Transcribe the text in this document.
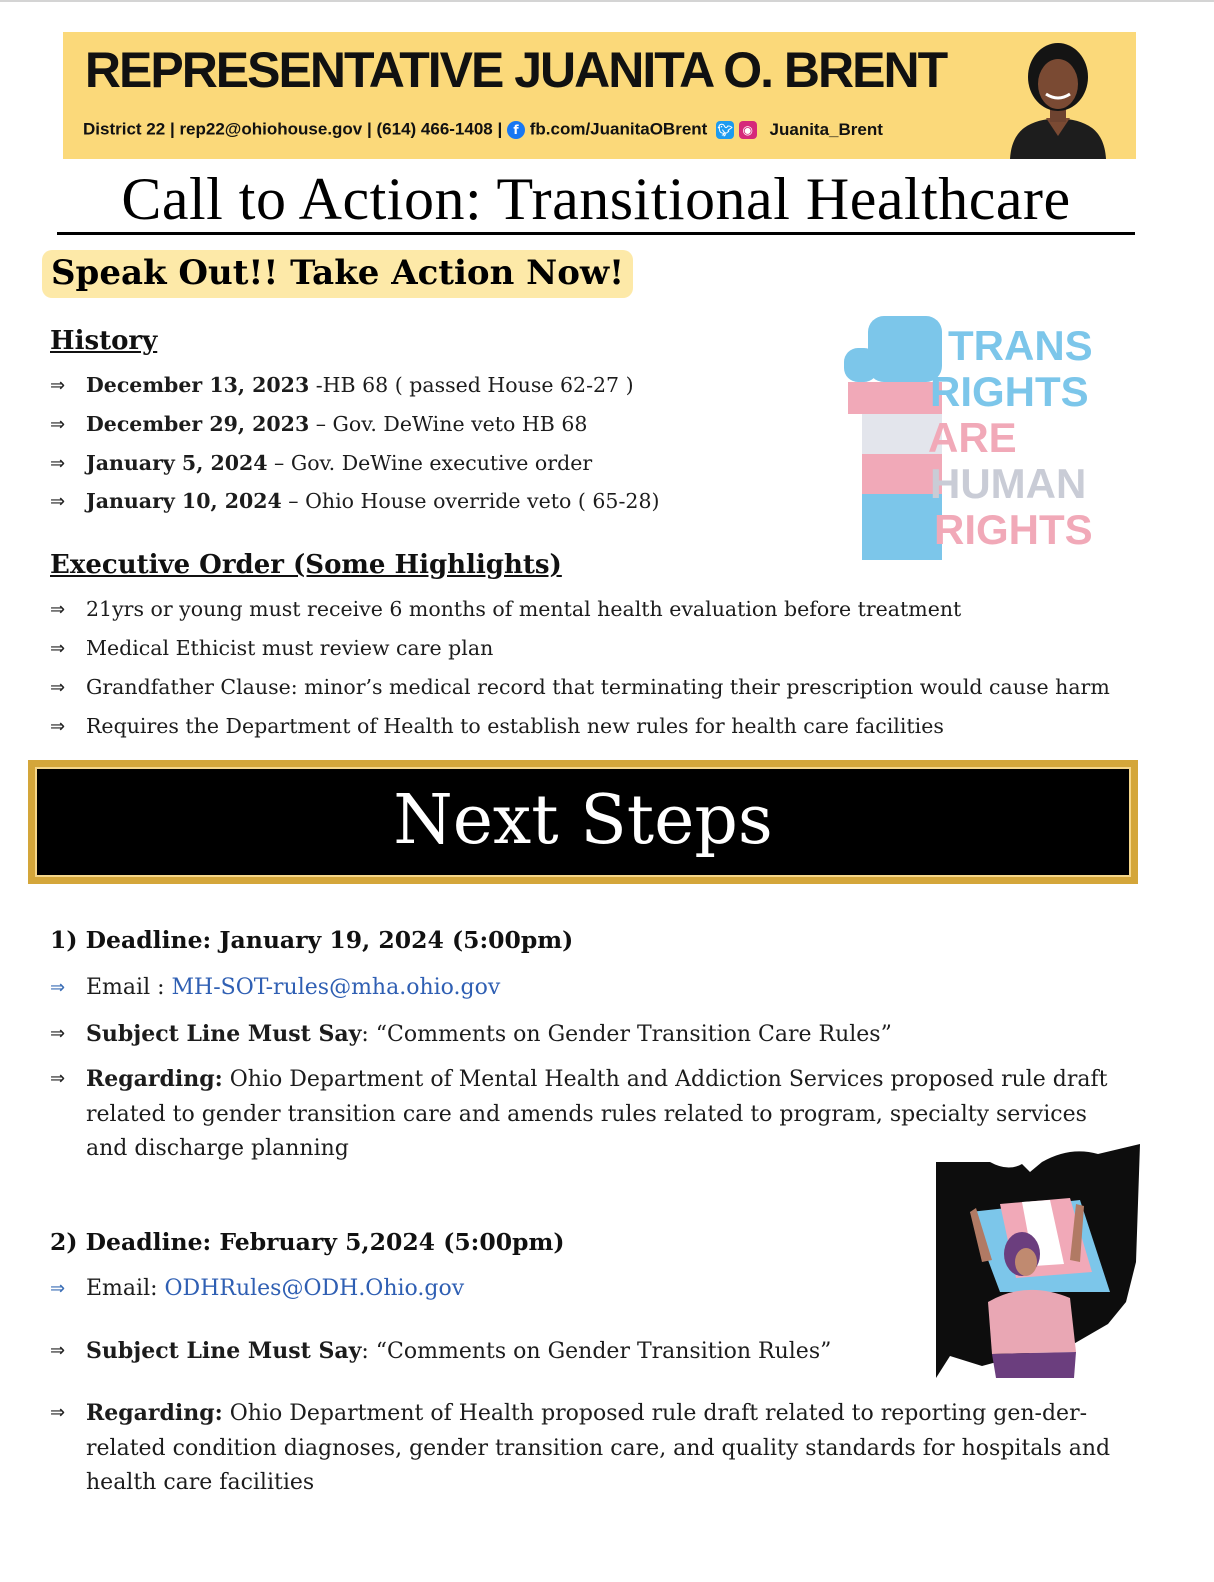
REPRESENTATIVE JUANITA O. BRENT
District 22 | rep22@ohiohouse.gov | (614) 466-1408 | f fb.com/JuanitaOBrent 🐦︎ ◉ Juanita_Brent
Call to Action: Transitional Healthcare
Speak Out!! Take Action Now!
History
⇒ December 13, 2023 -HB 68 ( passed House 62-27 )
⇒ December 29, 2023 – Gov. DeWine veto HB 68
⇒ January 5, 2024 – Gov. DeWine executive order
⇒ January 10, 2024 – Ohio House override veto ( 65-28)
TRANS
RIGHTS
ARE
HUMAN
RIGHTS
Executive Order (Some Highlights)
⇒ 21yrs or young must receive 6 months of mental health evaluation before treatment
⇒ Medical Ethicist must review care plan
⇒ Grandfather Clause: minor’s medical record that terminating their prescription would cause harm
⇒ Requires the Department of Health to establish new rules for health care facilities
Next Steps
1) Deadline: January 19, 2024 (5:00pm)
⇒ Email : MH-SOT-rules@mha.ohio.gov
⇒ Subject Line Must Say: “Comments on Gender Transition Care Rules”
⇒ Regarding: Ohio Department of Mental Health and Addiction Services proposed rule draft related to gender transition care and amends rules related to program, specialty services and discharge planning
2) Deadline: February 5,2024 (5:00pm)
⇒ Email: ODHRules@ODH.Ohio.gov
⇒ Subject Line Must Say: “Comments on Gender Transition Rules”
⇒ Regarding: Ohio Department of Health proposed rule draft related to reporting gen-der-related condition diagnoses, gender transition care, and quality standards for hospitals and health care facilities
